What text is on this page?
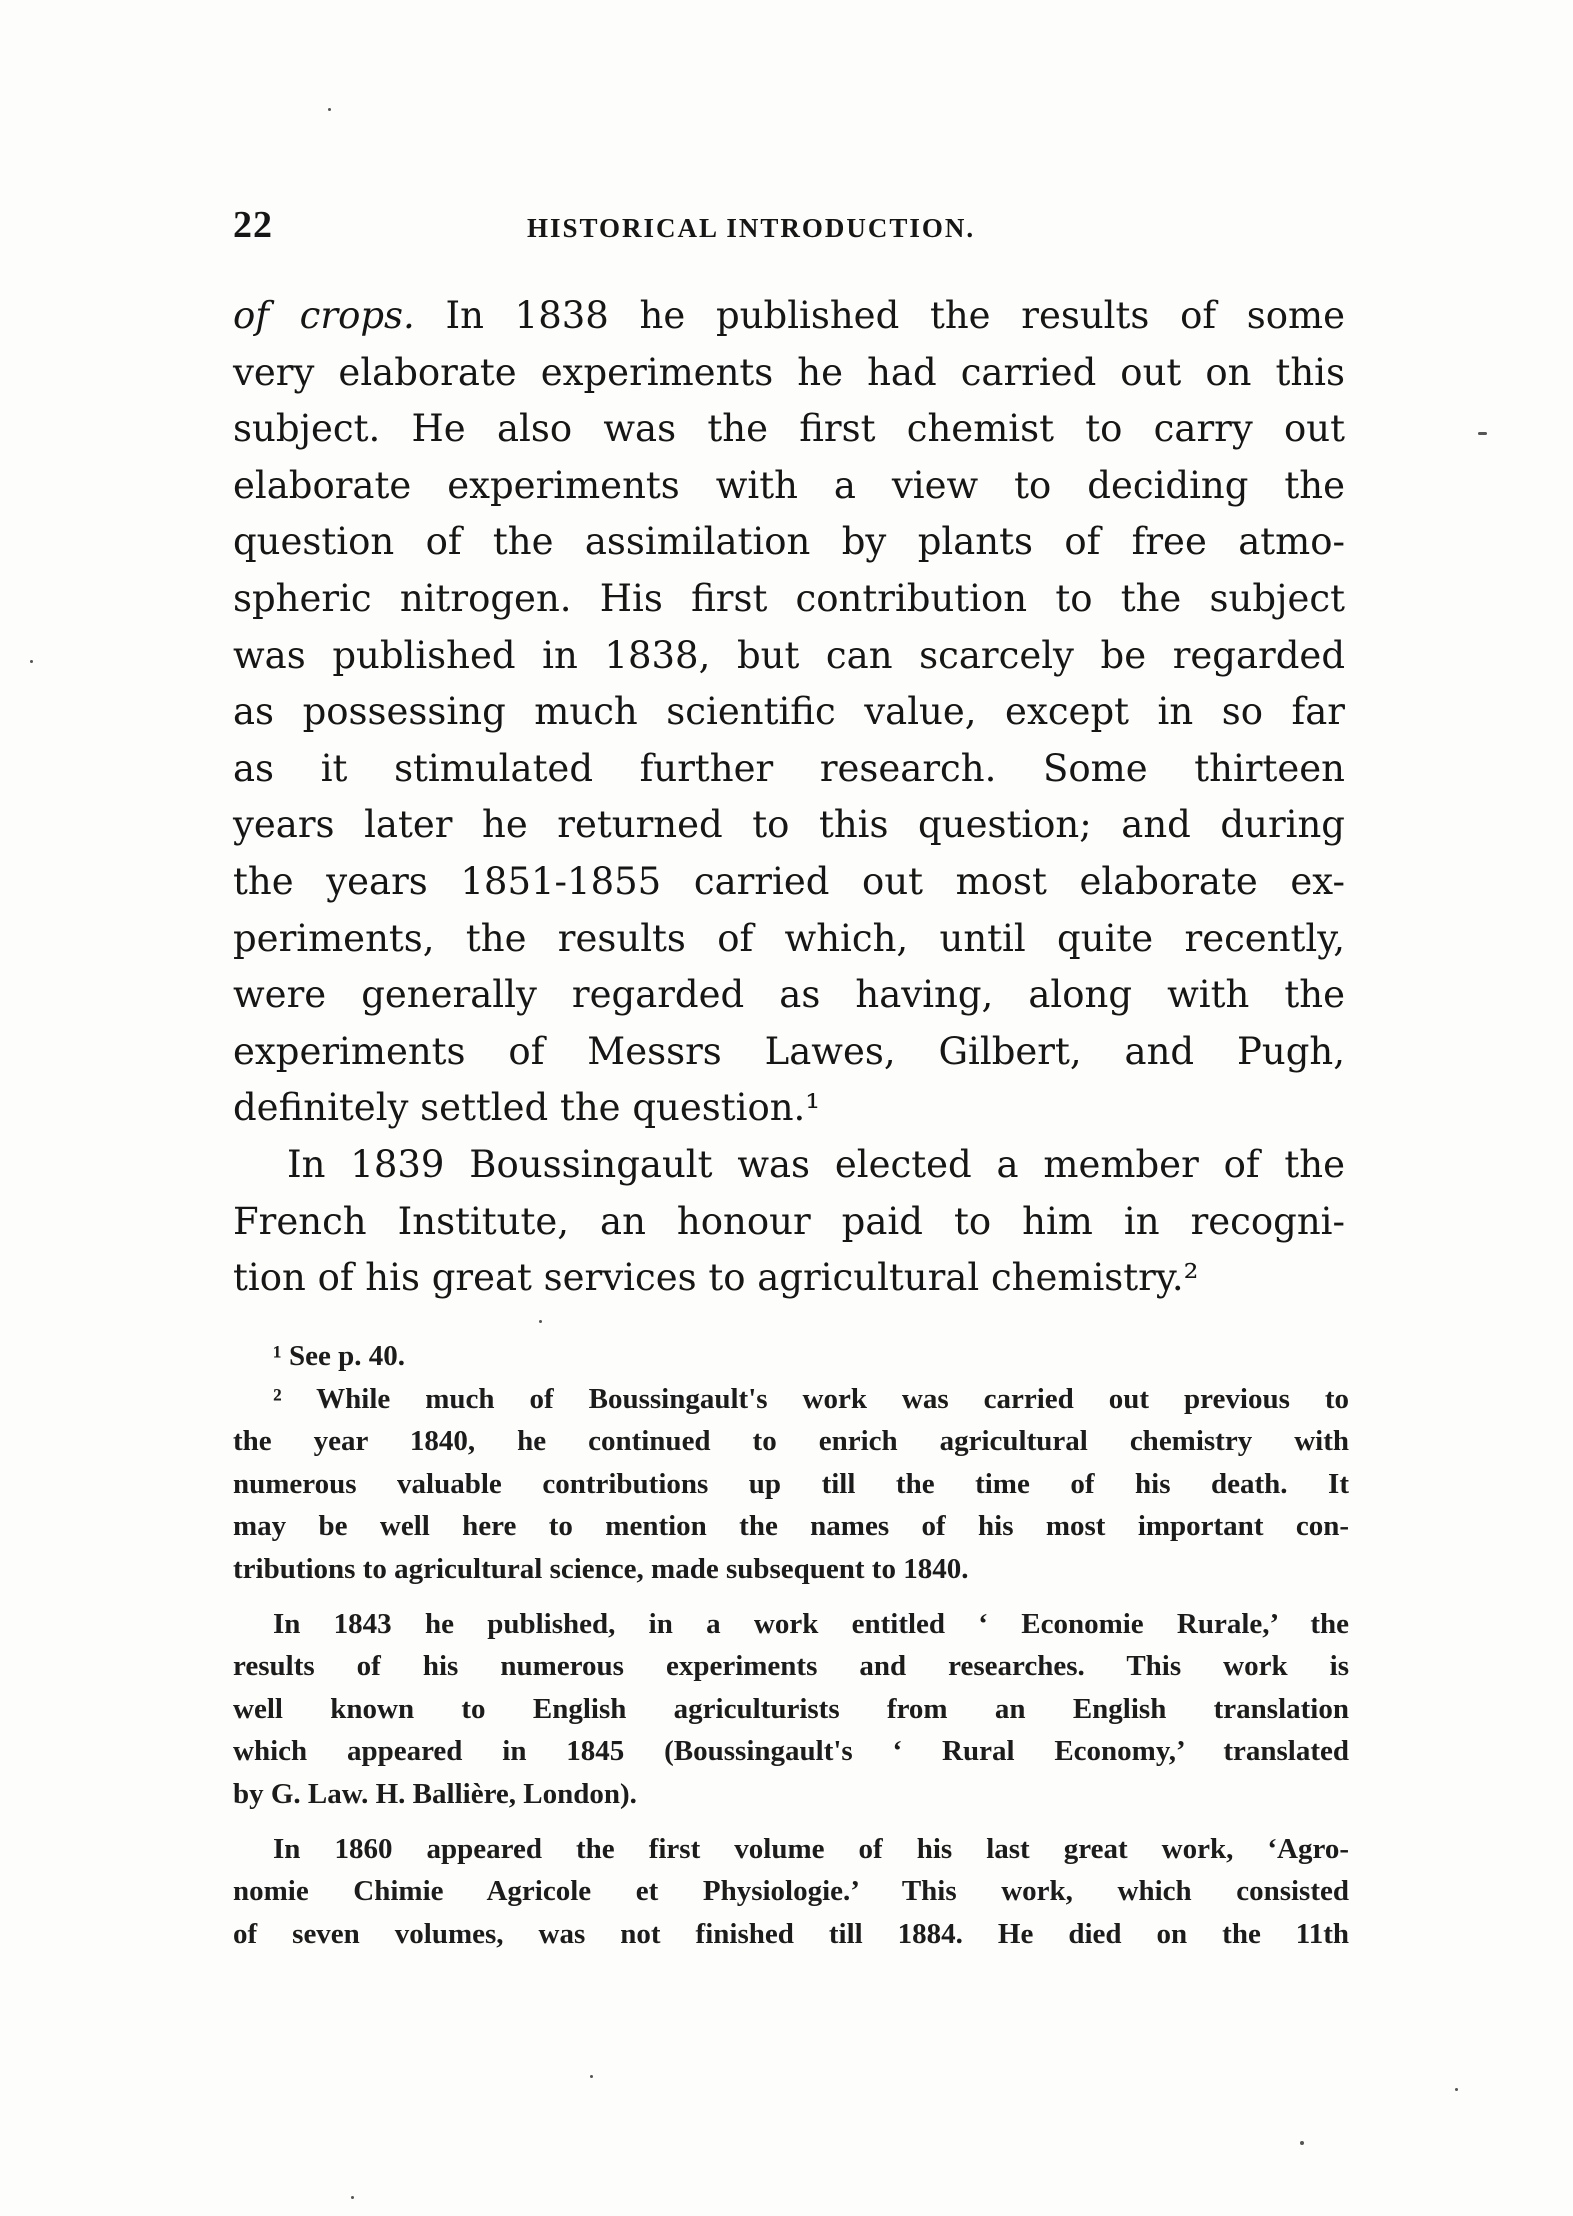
22	HISTORICAL INTRODUCTION.

of crops. In 1838 he published the results of some
very elaborate experiments he had carried out on this
subject. He also was the first chemist to carry out
elaborate experiments with a view to deciding the
question of the assimilation by plants of free atmo-
spheric nitrogen. His first contribution to the subject
was published in 1838, but can scarcely be regarded
as possessing much scientific value, except in so far
as it stimulated further research. Some thirteen
years later he returned to this question; and during
the years 1851-1855 carried out most elaborate ex-
periments, the results of which, until quite recently,
were generally regarded as having, along with the
experiments of Messrs Lawes, Gilbert, and Pugh,
definitely settled the question.¹

In 1839 Boussingault was elected a member of the
French Institute, an honour paid to him in recogni-
tion of his great services to agricultural chemistry.²

¹ See p. 40.
² While much of Boussingault's work was carried out previous to
the year 1840, he continued to enrich agricultural chemistry with
numerous valuable contributions up till the time of his death. It
may be well here to mention the names of his most important con-
tributions to agricultural science, made subsequent to 1840.
In 1843 he published, in a work entitled ‘ Economie Rurale,’ the
results of his numerous experiments and researches. This work is
well known to English agriculturists from an English translation
which appeared in 1845 (Boussingault's ‘ Rural Economy,’ translated
by G. Law. H. Ballière, London).
In 1860 appeared the first volume of his last great work, ‘Agro-
nomie Chimie Agricole et Physiologie.’ This work, which consisted
of seven volumes, was not finished till 1884. He died on the 11th
